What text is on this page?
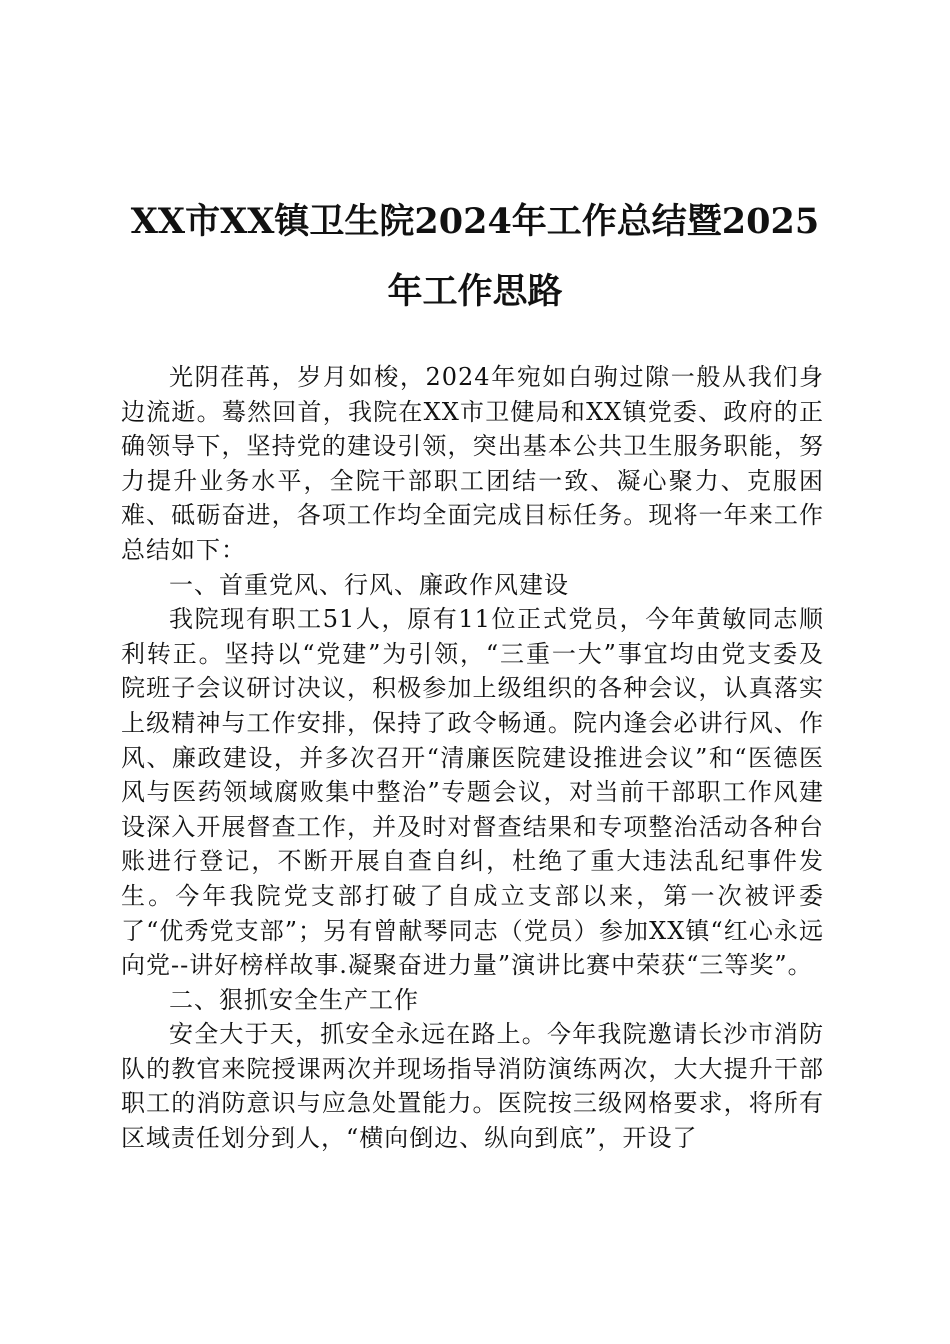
XX市XX镇卫生院2024年工作总结暨2025
年工作思路

光阴荏苒，岁月如梭，2024年宛如白驹过隙一般从我们身边流逝。蓦然回首，我院在XX市卫健局和XX镇党委、政府的正确领导下，坚持党的建设引领，突出基本公共卫生服务职能，努力提升业务水平，全院干部职工团结一致、凝心聚力、克服困难、砥砺奋进，各项工作均全面完成目标任务。现将一年来工作总结如下：

一、首重党风、行风、廉政作风建设

我院现有职工51人，原有11位正式党员，今年黄敏同志顺利转正。坚持以“党建”为引领，“三重一大”事宜均由党支委及院班子会议研讨决议，积极参加上级组织的各种会议，认真落实上级精神与工作安排，保持了政令畅通。院内逢会必讲行风、作风、廉政建设，并多次召开“清廉医院建设推进会议”和“医德医风与医药领域腐败集中整治”专题会议，对当前干部职工作风建设深入开展督查工作，并及时对督查结果和专项整治活动各种台账进行登记，不断开展自查自纠，杜绝了重大违法乱纪事件发生。今年我院党支部打破了自成立支部以来，第一次被评委了“优秀党支部”；另有曾献琴同志（党员）参加XX镇“红心永远向党--讲好榜样故事.凝聚奋进力量”演讲比赛中荣获“三等奖”。

二、狠抓安全生产工作

安全大于天，抓安全永远在路上。今年我院邀请长沙市消防队的教官来院授课两次并现场指导消防演练两次，大大提升干部职工的消防意识与应急处置能力。医院按三级网格要求，将所有区域责任划分到人，“横向倒边、纵向到底”，开设了
